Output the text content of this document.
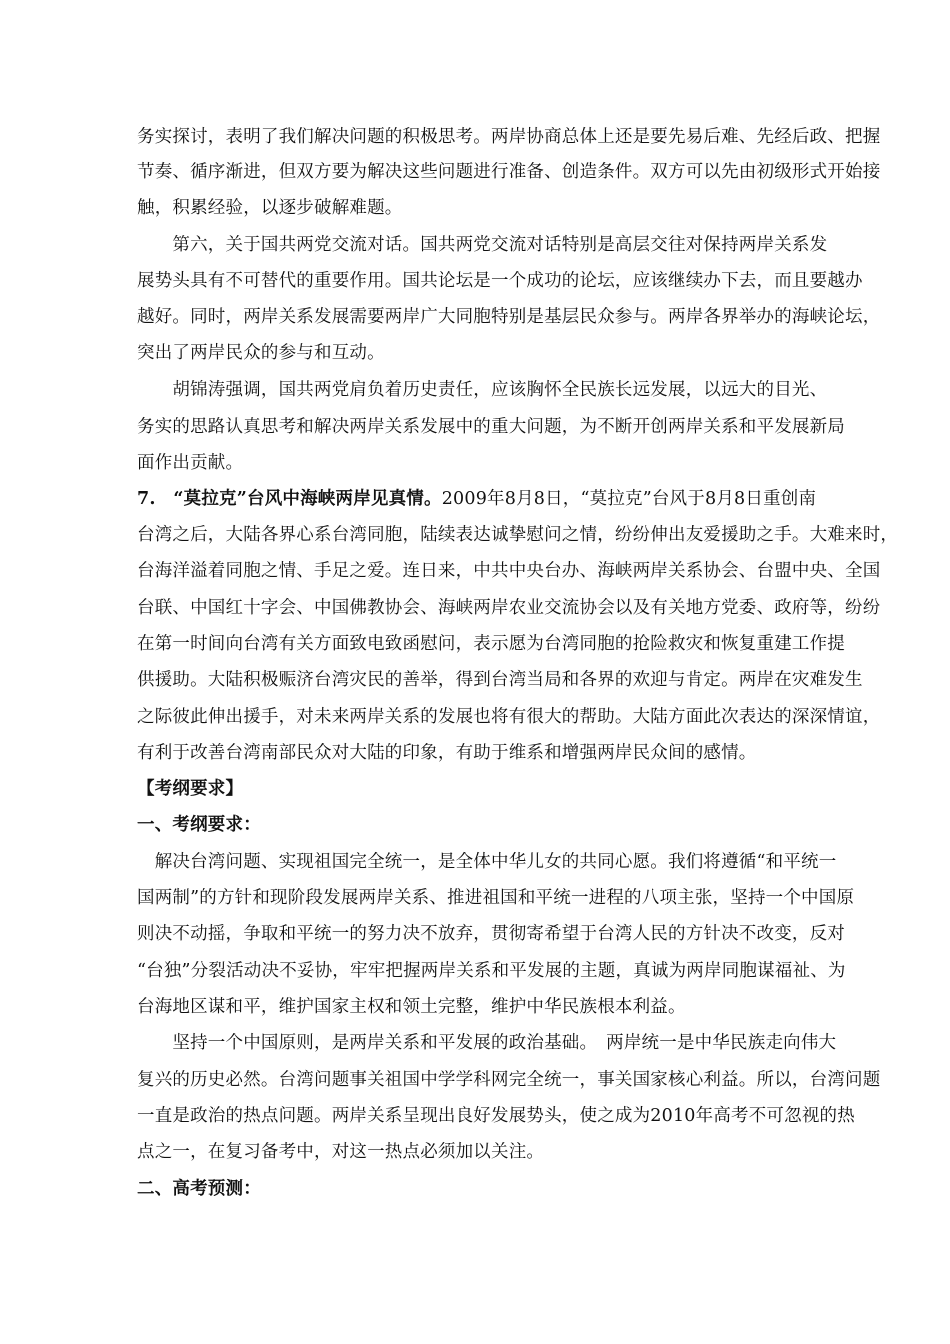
务实探讨，表明了我们解决问题的积极思考。两岸协商总体上还是要先易后难、先经后政、把握
节奏、循序渐进，但双方要为解决这些问题进行准备、创造条件。双方可以先由初级形式开始接
触，积累经验，以逐步破解难题。
　　第六，关于国共两党交流对话。国共两党交流对话特别是高层交往对保持两岸关系发
展势头具有不可替代的重要作用。国共论坛是一个成功的论坛，应该继续办下去，而且要越办
越好。同时，两岸关系发展需要两岸广大同胞特别是基层民众参与。两岸各界举办的海峡论坛，
突出了两岸民众的参与和互动。
　　胡锦涛强调，国共两党肩负着历史责任，应该胸怀全民族长远发展，以远大的目光、
务实的思路认真思考和解决两岸关系发展中的重大问题，为不断开创两岸关系和平发展新局
面作出贡献。
7.　“莫拉克”台风中海峡两岸见真情。2009年8月8日，“莫拉克”台风于8月8日重创南
台湾之后，大陆各界心系台湾同胞，陆续表达诚挚慰问之情，纷纷伸出友爱援助之手。大难来时，
台海洋溢着同胞之情、手足之爱。连日来，中共中央台办、海峡两岸关系协会、台盟中央、全国
台联、中国红十字会、中国佛教协会、海峡两岸农业交流协会以及有关地方党委、政府等，纷纷
在第一时间向台湾有关方面致电致函慰问，表示愿为台湾同胞的抢险救灾和恢复重建工作提
供援助。大陆积极赈济台湾灾民的善举，得到台湾当局和各界的欢迎与肯定。两岸在灾难发生
之际彼此伸出援手，对未来两岸关系的发展也将有很大的帮助。大陆方面此次表达的深深情谊，
有利于改善台湾南部民众对大陆的印象，有助于维系和增强两岸民众间的感情。
【考纲要求】
一、考纲要求：
　解决台湾问题、实现祖国完全统一，是全体中华儿女的共同心愿。我们将遵循“和平统一
国两制”的方针和现阶段发展两岸关系、推进祖国和平统一进程的八项主张，坚持一个中国原
则决不动摇，争取和平统一的努力决不放弃，贯彻寄希望于台湾人民的方针决不改变，反对
“台独”分裂活动决不妥协，牢牢把握两岸关系和平发展的主题，真诚为两岸同胞谋福祉、为
台海地区谋和平，维护国家主权和领土完整，维护中华民族根本利益。
　　坚持一个中国原则，是两岸关系和平发展的政治基础。　两岸统一是中华民族走向伟大
复兴的历史必然。台湾问题事关祖国中学学科网完全统一，事关国家核心利益。所以，台湾问题
一直是政治的热点问题。两岸关系呈现出良好发展势头，使之成为2010年高考不可忽视的热
点之一，在复习备考中，对这一热点必须加以关注。
二、高考预测：
